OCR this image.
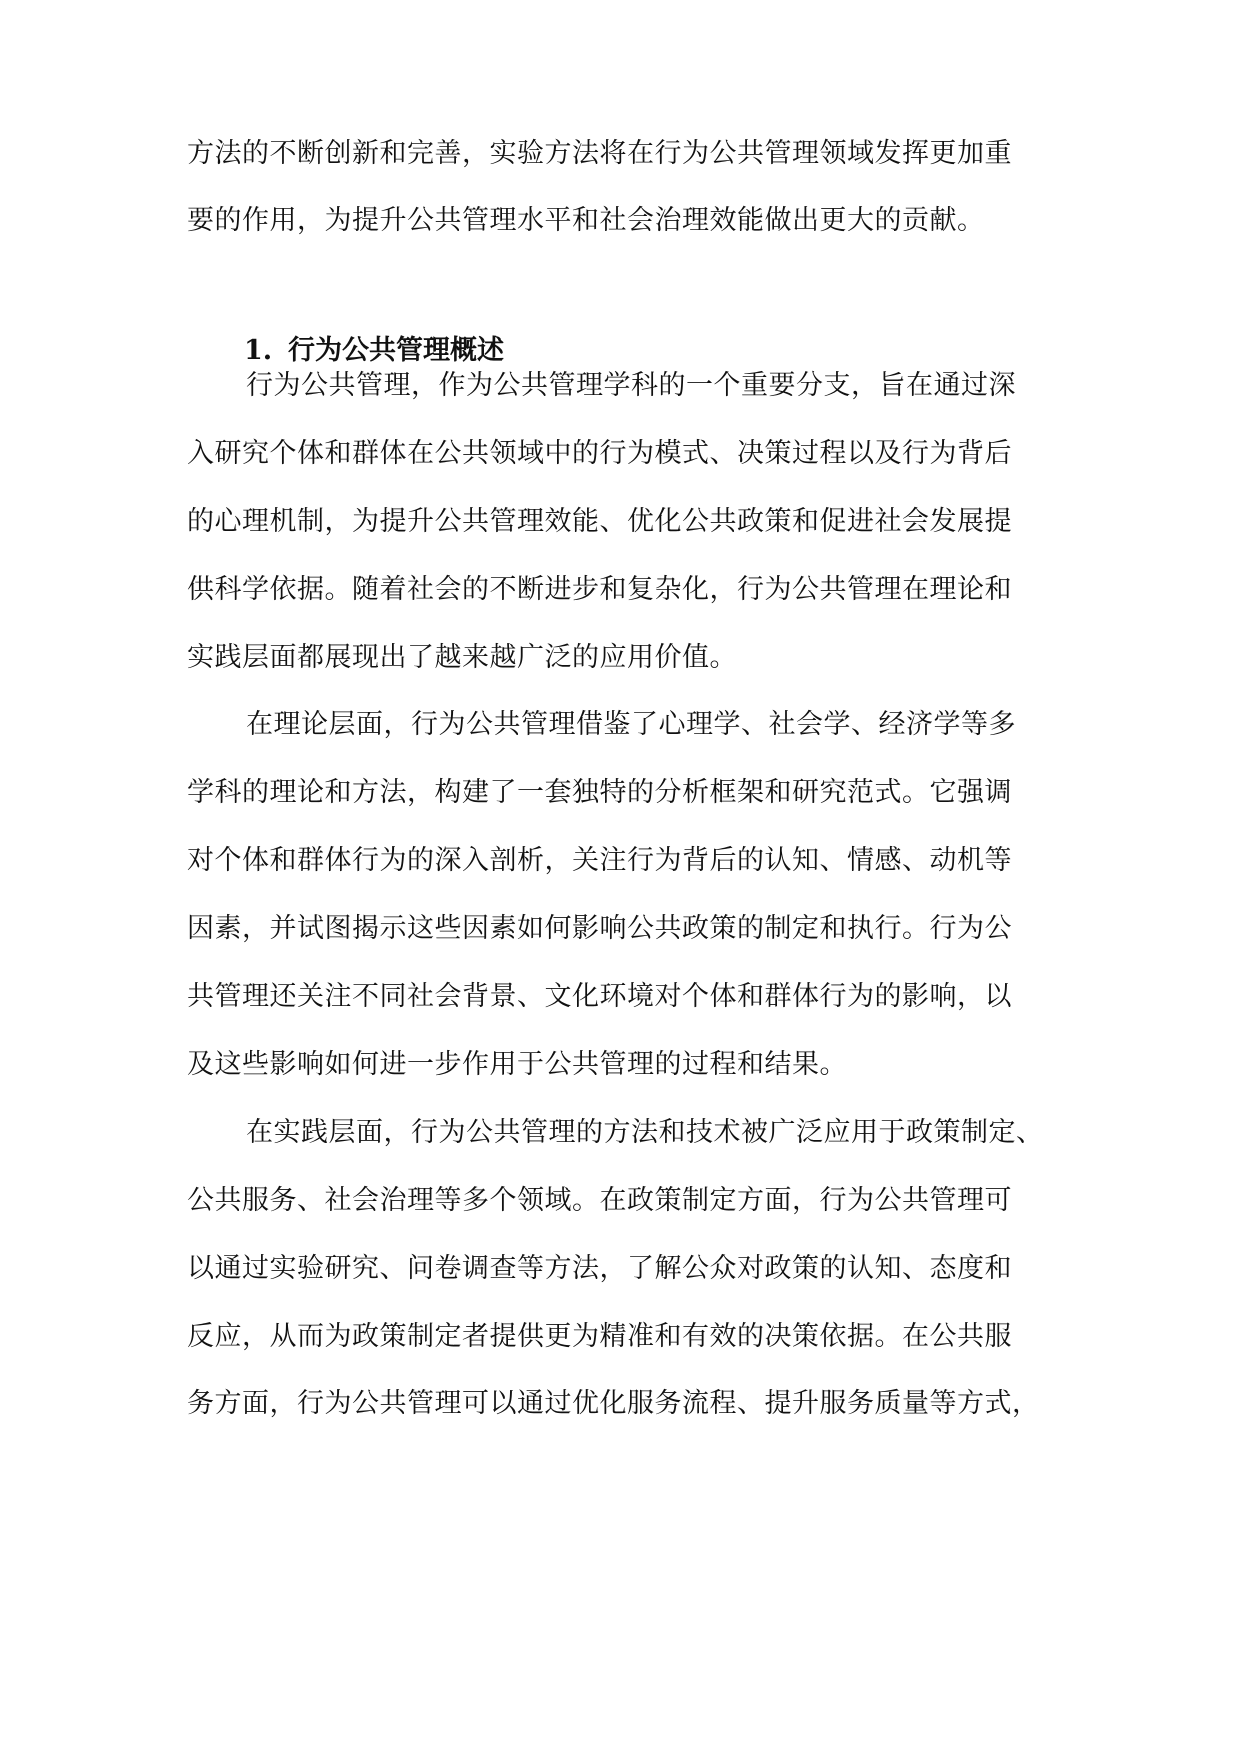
方法的不断创新和完善，实验方法将在行为公共管理领域发挥更加重
要的作用，为提升公共管理水平和社会治理效能做出更大的贡献。
1. 行为公共管理概述
行为公共管理，作为公共管理学科的一个重要分支，旨在通过深
入研究个体和群体在公共领域中的行为模式、决策过程以及行为背后
的心理机制，为提升公共管理效能、优化公共政策和促进社会发展提
供科学依据。随着社会的不断进步和复杂化，行为公共管理在理论和
实践层面都展现出了越来越广泛的应用价值。
在理论层面，行为公共管理借鉴了心理学、社会学、经济学等多
学科的理论和方法，构建了一套独特的分析框架和研究范式。它强调
对个体和群体行为的深入剖析，关注行为背后的认知、情感、动机等
因素，并试图揭示这些因素如何影响公共政策的制定和执行。行为公
共管理还关注不同社会背景、文化环境对个体和群体行为的影响，以
及这些影响如何进一步作用于公共管理的过程和结果。
在实践层面，行为公共管理的方法和技术被广泛应用于政策制定、
公共服务、社会治理等多个领域。在政策制定方面，行为公共管理可
以通过实验研究、问卷调查等方法，了解公众对政策的认知、态度和
反应，从而为政策制定者提供更为精准和有效的决策依据。在公共服
务方面，行为公共管理可以通过优化服务流程、提升服务质量等方式，
